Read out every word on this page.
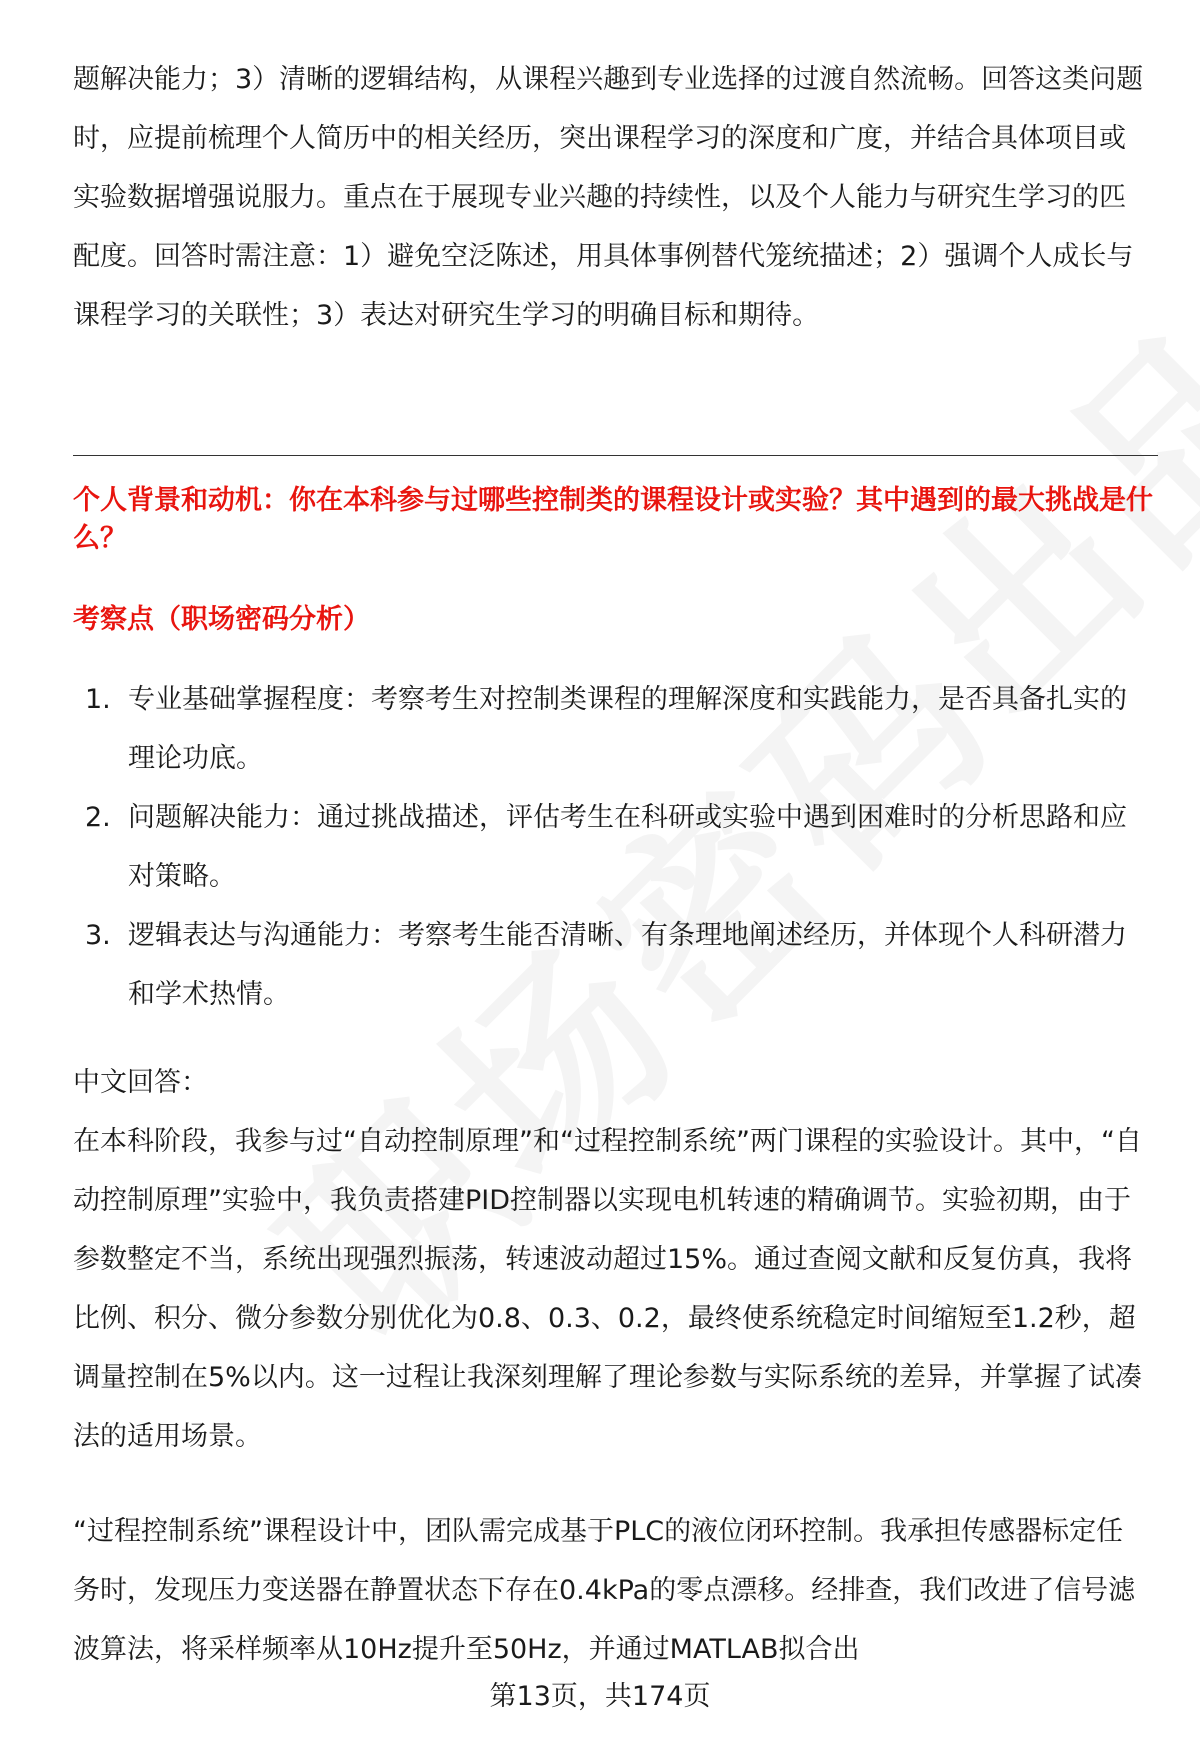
题解决能力；3）清晰的逻辑结构，从课程兴趣到专业选择的过渡自然流畅。回答这类问题时，应提前梳理个人简历中的相关经历，突出课程学习的深度和广度，并结合具体项目或实验数据增强说服力。重点在于展现专业兴趣的持续性，以及个人能力与研究生学习的匹配度。回答时需注意：1）避免空泛陈述，用具体事例替代笼统描述；2）强调个人成长与课程学习的关联性；3）表达对研究生学习的明确目标和期待。

个人背景和动机：你在本科参与过哪些控制类的课程设计或实验？其中遇到的最大挑战是什么？

考察点（职场密码分析）

1. 专业基础掌握程度：考察考生对控制类课程的理解深度和实践能力，是否具备扎实的理论功底。
2. 问题解决能力：通过挑战描述，评估考生在科研或实验中遇到困难时的分析思路和应对策略。
3. 逻辑表达与沟通能力：考察考生能否清晰、有条理地阐述经历，并体现个人科研潜力和学术热情。

中文回答：

在本科阶段，我参与过“自动控制原理”和“过程控制系统”两门课程的实验设计。其中，“自动控制原理”实验中，我负责搭建PID控制器以实现电机转速的精确调节。实验初期，由于参数整定不当，系统出现强烈振荡，转速波动超过15%。通过查阅文献和反复仿真，我将比例、积分、微分参数分别优化为0.8、0.3、0.2，最终使系统稳定时间缩短至1.2秒，超调量控制在5%以内。这一过程让我深刻理解了理论参数与实际系统的差异，并掌握了试凑法的适用场景。

“过程控制系统”课程设计中，团队需完成基于PLC的液位闭环控制。我承担传感器标定任务时，发现压力变送器在静置状态下存在0.4kPa的零点漂移。经排查，我们改进了信号滤波算法，将采样频率从10Hz提升至50Hz，并通过MATLAB拟合出

第13页，共174页
